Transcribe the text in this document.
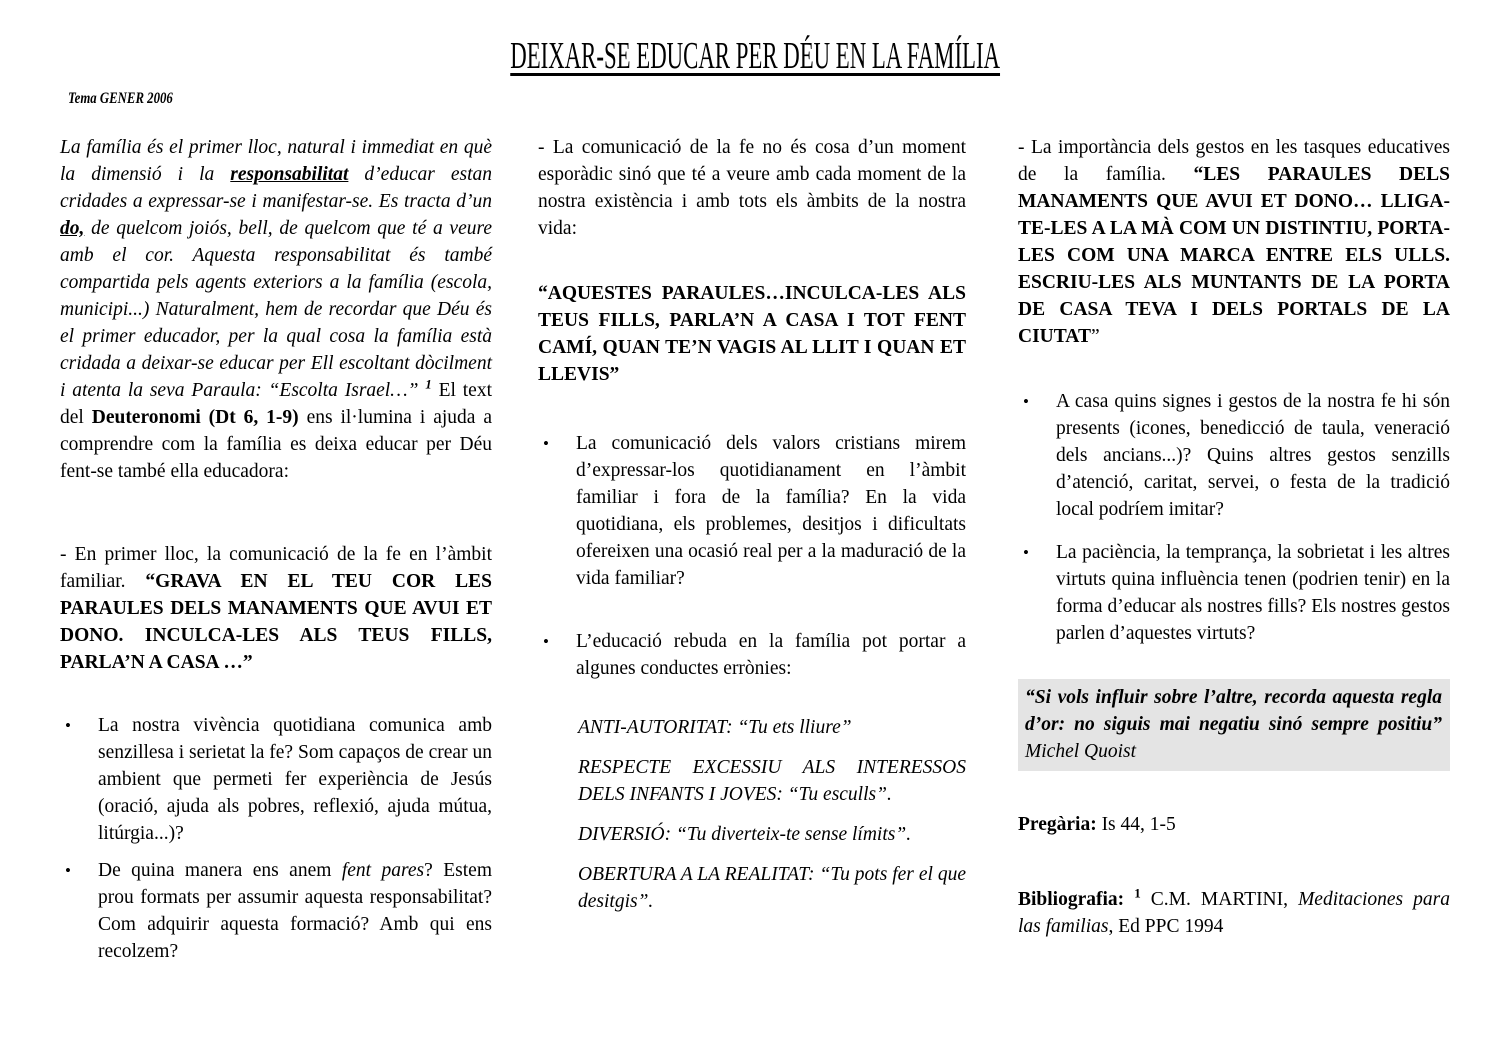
DEIXAR-SE EDUCAR PER DÉU EN LA FAMÍLIA
Tema GENER 2006

La família és el primer lloc, natural i immediat en què la dimensió i la responsabilitat d’educar estan cridades a expressar-se i manifestar-se. Es tracta d’un do, de quelcom joiós, bell, de quelcom que té a veure amb el cor. Aquesta responsabilitat és també compartida pels agents exteriors a la família (escola, municipi...) Naturalment, hem de recordar que Déu és el primer educador, per la qual cosa la família està cridada a deixar-se educar per Ell escoltant dòcilment i atenta la seva Paraula: “Escolta Israel…” $^1$ El text del Deuteronomi (Dt 6, 1-9) ens il·lumina i ajuda a comprendre com la família es deixa educar per Déu fent-se també ella educadora:

- En primer lloc, la comunicació de la fe en l’àmbit familiar. “GRAVA EN EL TEU COR LES PARAULES DELS MANAMENTS QUE AVUI ET DONO. INCULCA-LES ALS TEUS FILLS, PARLA’N A CASA …”

•	La nostra vivència quotidiana comunica amb senzillesa i serietat la fe? Som capaços de crear un ambient que permeti fer experiència de Jesús (oració, ajuda als pobres, reflexió, ajuda mútua, litúrgia...)?
•	De quina manera ens anem fent pares? Estem prou formats per assumir aquesta responsabilitat? Com adquirir aquesta formació? Amb qui ens recolzem?

- La comunicació de la fe no és cosa d’un moment esporàdic sinó que té a veure amb cada moment de la nostra existència i amb tots els àmbits de la nostra vida:

“AQUESTES PARAULES…INCULCA-LES ALS TEUS FILLS, PARLA’N A CASA I TOT FENT CAMÍ, QUAN TE’N VAGIS AL LLIT I QUAN ET LLEVIS”

•	La comunicació dels valors cristians mirem d’expressar-los quotidianament en l’àmbit familiar i fora de la família? En la vida quotidiana, els problemes, desitjos i dificultats ofereixen una ocasió real per a la maduració de la vida familiar?
•	L’educació rebuda en la família pot portar a algunes conductes errònies:

ANTI-AUTORITAT: “Tu ets lliure”

RESPECTE EXCESSIU ALS INTERESSOS DELS INFANTS I JOVES: “Tu esculls”.

DIVERSIÓ: “Tu diverteix-te sense límits”.

OBERTURA A LA REALITAT: “Tu pots fer el que desitgis”.

- La importància dels gestos en les tasques educatives de la família. “LES PARAULES DELS MANAMENTS QUE AVUI ET DONO… LLIGA-TE-LES A LA MÀ COM UN DISTINTIU, PORTA-LES COM UNA MARCA ENTRE ELS ULLS. ESCRIU-LES ALS MUNTANTS DE LA PORTA DE CASA TEVA I DELS PORTALS DE LA CIUTAT”

•	A casa quins signes i gestos de la nostra fe hi són presents (icones, benedicció de taula, veneració dels ancians...)? Quins altres gestos senzills d’atenció, caritat, servei, o festa de la tradició local podríem imitar?
•	La paciència, la temprança, la sobrietat i les altres virtuts quina influència tenen (podrien tenir) en la forma d’educar als nostres fills? Els nostres gestos parlen d’aquestes virtuts?
“Si vols influir sobre l’altre, recorda aquesta regla d’or: no siguis mai negatiu sinó sempre positiu” Michel Quoist

Pregària: Is 44, 1-5

Bibliografia: $^1$ C.M. MARTINI, Meditaciones para las familias, Ed PPC 1994
